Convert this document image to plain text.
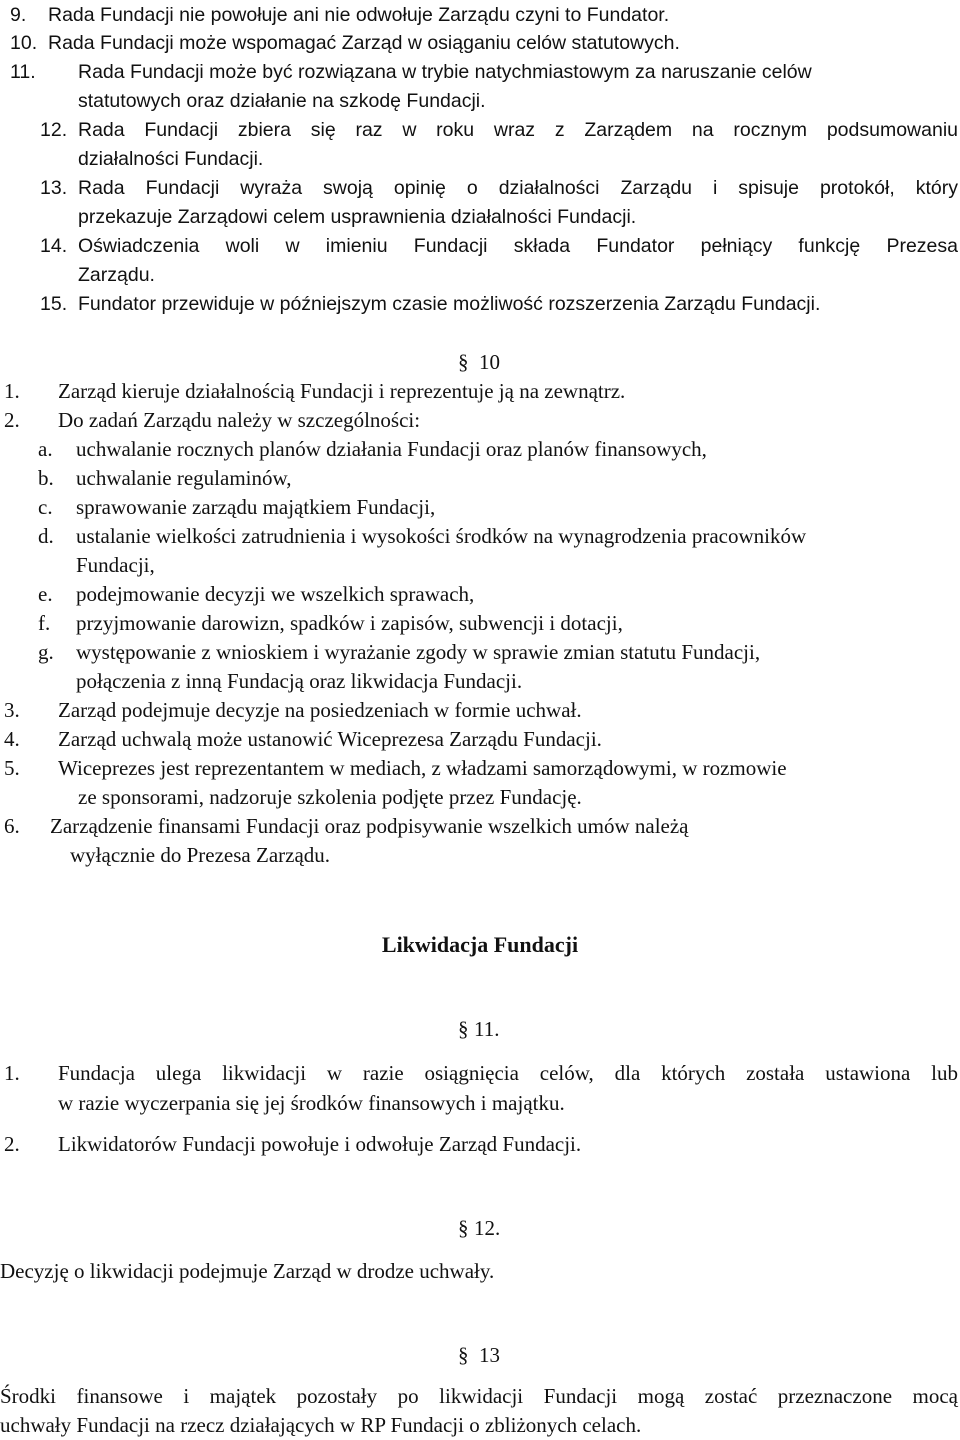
9. Rada Fundacji nie powołuje ani nie odwołuje Zarządu czyni to Fundator.
10. Rada Fundacji może wspomagać Zarząd w osiąganiu celów statutowych.
11. Rada Fundacji może być rozwiązana w trybie natychmiastowym za naruszanie celów
statutowych oraz działanie na szkodę Fundacji.
12. Rada Fundacji zbiera się raz w roku wraz z Zarządem na rocznym podsumowaniu
działalności Fundacji.
13. Rada Fundacji wyraża swoją opinię o działalności Zarządu i spisuje protokół, który
przekazuje Zarządowi celem usprawnienia działalności Fundacji.
14. Oświadczenia woli w imieniu Fundacji składa Fundator pełniący funkcję Prezesa
Zarządu.
15. Fundator przewiduje w późniejszym czasie możliwość rozszerzenia Zarządu Fundacji.
§ 10
1. Zarząd kieruje działalnością Fundacji i reprezentuje ją na zewnątrz.
2. Do zadań Zarządu należy w szczególności:
a. uchwalanie rocznych planów działania Fundacji oraz planów finansowych,
b. uchwalanie regulaminów,
c. sprawowanie zarządu majątkiem Fundacji,
d. ustalanie wielkości zatrudnienia i wysokości środków na wynagrodzenia pracowników
Fundacji,
e. podejmowanie decyzji we wszelkich sprawach,
f. przyjmowanie darowizn, spadków i zapisów, subwencji i dotacji,
g. występowanie z wnioskiem i wyrażanie zgody w sprawie zmian statutu Fundacji,
połączenia z inną Fundacją oraz likwidacja Fundacji.
3. Zarząd podejmuje decyzje na posiedzeniach w formie uchwał.
4. Zarząd uchwalą może ustanowić Wiceprezesa Zarządu Fundacji.
5. Wiceprezes jest reprezentantem w mediach, z władzami samorządowymi, w rozmowie
ze sponsorami, nadzoruje szkolenia podjęte przez Fundację.
6. Zarządzenie finansami Fundacji oraz podpisywanie wszelkich umów należą
wyłącznie do Prezesa Zarządu.
Likwidacja Fundacji
§ 11.
1. Fundacja ulega likwidacji w razie osiągnięcia celów, dla których została ustawiona lub
w razie wyczerpania się jej środków finansowych i majątku.
2. Likwidatorów Fundacji powołuje i odwołuje Zarząd Fundacji.
§ 12.
Decyzję o likwidacji podejmuje Zarząd w drodze uchwały.
§ 13
Środki finansowe i majątek pozostały po likwidacji Fundacji mogą zostać przeznaczone mocą
uchwały Fundacji na rzecz działających w RP Fundacji o zbliżonych celach.
